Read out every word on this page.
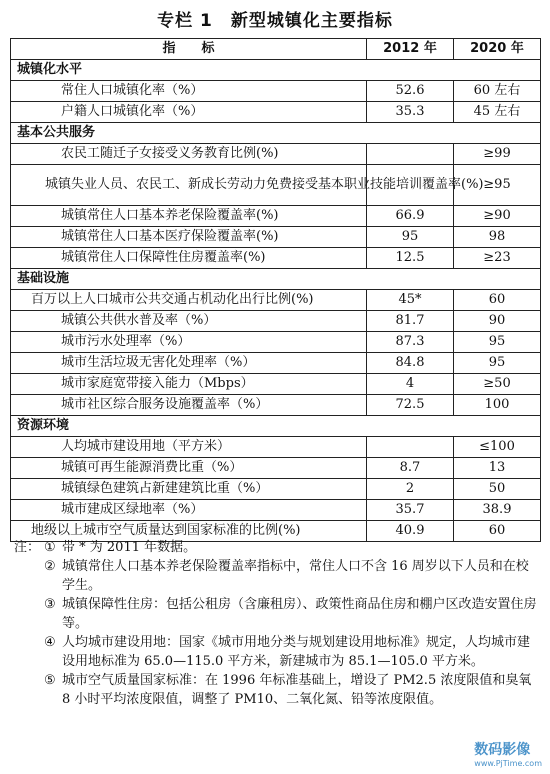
专栏 1　新型城镇化主要指标
指　　标	2012 年	2020 年
城镇化水平		
常住人口城镇化率（%）	52.6	60 左右
户籍人口城镇化率（%）	35.3	45 左右
基本公共服务		
农民工随迁子女接受义务教育比例(%)		≥99
城镇失业人员、农民工、新成长劳动力免费接受基本职业技能培训覆盖率(%)		≥95
城镇常住人口基本养老保险覆盖率(%)	66.9	≥90
城镇常住人口基本医疗保险覆盖率(%)	95	98
城镇常住人口保障性住房覆盖率(%)	12.5	≥23
基础设施		
百万以上人口城市公共交通占机动化出行比例(%)	45*	60
城镇公共供水普及率（%）	81.7	90
城市污水处理率（%）	87.3	95
城市生活垃圾无害化处理率（%）	84.8	95
城市家庭宽带接入能力（Mbps）	4	≥50
城市社区综合服务设施覆盖率（%）	72.5	100
资源环境		
人均城市建设用地（平方米）		≤100
城镇可再生能源消费比重（%）	8.7	13
城镇绿色建筑占新建建筑比重（%）	2	50
城市建成区绿地率（%）	35.7	38.9
地级以上城市空气质量达到国家标准的比例(%)	40.9	60
注： ① 带 * 为 2011 年数据。
② 城镇常住人口基本养老保险覆盖率指标中，常住人口不含 16 周岁以下人员和在校学生。
③ 城镇保障性住房：包括公租房（含廉租房）、政策性商品住房和棚户区改造安置住房等。
④ 人均城市建设用地：国家《城市用地分类与规划建设用地标准》规定，人均城市建设用地标准为 65.0—115.0 平方米，新建城市为 85.1—105.0 平方米。
⑤ 城市空气质量国家标准：在 1996 年标准基础上，增设了 PM2.5 浓度限值和臭氧 8 小时平均浓度限值，调整了 PM10、二氧化氮、铅等浓度限值。
数码影像
www.PjTime.com
